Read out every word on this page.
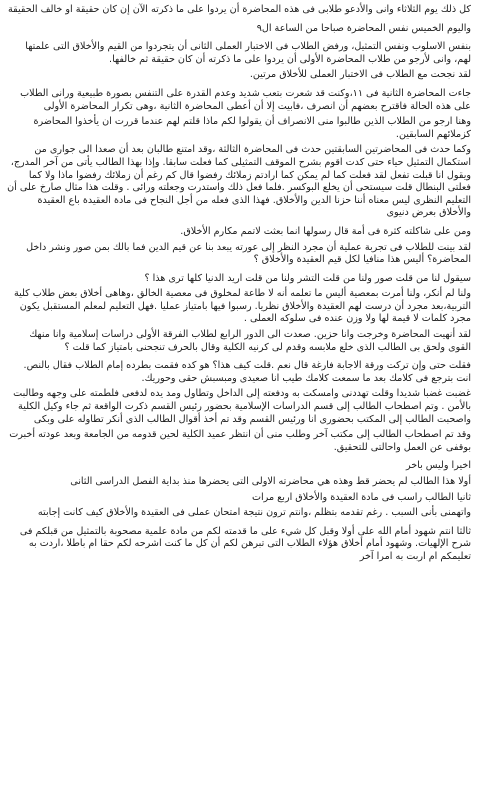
كل ذلك يوم الثلاثاء وانى والأدعو طلابى فى هذه المحاضرة أن يردوا على ما ذكرته الآن إن كان حقيقة او خالف الحقيقة

واليوم الخميس نفس المحاضرة صباحا من الساعة ال٩

بنفس الاسلوب ونفس التمثيل، ورفض الطلاب فى الاختبار العملى الثانى أن يتجردوا من القيم والأخلاق التى علمتها لهم، وانى لأرجو من طلاب المحاضرة الأولى أن يردوا على ما ذكرته أن كان حقيقة ثم خالفها.

لقد نجحت مع الطلاب فى الاختبار العملى للأخلاق مرتين.

جاءت المحاضرة الثانية فى ١١،وكنت قد شعرت بتعب شديد وعدم القدرة على التنفس بصورة طبيعية ورانى الطلاب على هذه الحالة فاقترح بعضهم أن انصرف ،فابيت إلا أن أعطى المحاضرة الثانية ،وهى تكرار المحاضرة الأولى

وهنا ارجو من الطلاب الذين طالبوا منى الانصراف أن يقولوا لكم ماذا قلتم لهم عندما قررت ان يأخذوا المحاضرة كزملائهم السابقين.

وكما حدث فى المحاضرتين السابقتين حدث فى المحاضرة الثالثة ،وقد امتنع طالبان بعد أن صعدا الى جوارى من استكمال التمثيل حياء حتى كدت اقوم بشرح الموقف التمثيلى كما فعلت سابقا. وإذا بهذا الطالب يأتى من آخر المدرج، ويقول انا قبلت تفعل لقد فعلت كما لم يمكن كما ارادتم زملائك رفضوا قال كم رغم أن زملائك رفضوا ماذا ولا كما فعلتى البنطال قلت سيستحى أن يخلع البوكسر .فلما فعل ذلك واستدرت وجعلته ورائى . وقلت هذا مثال صارخ على أن التعليم النظرى ليس معناه أننا حزنا الدين والأخلاق. فهذا الذى فعله من أجل النجاح فى مادة العقيدة باع العقيدة والأخلاق بعرض دنيوى

ومن على شاكلته كثرة فى أمة قال رسولها انما بعثت لاتمم مكارم الأخلاق.

لقد بينت للطلاب فى تجربة عملية أن مجرد النظر إلى عورته يبعد بنا عن قيم الدين فما بالك بمن صور ونشر داخل المحاضرة؟ أليس هذا منافيا لكل قيم العقيدة والأخلاق ؟

سيقول لنا من قلت صور ولنا من قلت التشر ولنا من قلت اريد الدنيا كلها ترى هذا ؟

ولنا لم أنكر، ولنا أمرت بمعصية أليس ما تعلمه أنه لا طاعة لمخلوق فى معصية الخالق ،وهاهى أخلاق بعض طلاب كلية التربية،بعد مجرد أن درست لهم العقيدة والأخلاق نظريا. رسبوا فيها بامتياز عمليا .فهل التعليم لمعلم المستقبل يكون مجرد كلمات لا قيمة لها ولا وزن عنده فى سلوكه العملى .

لقد أنهيت المحاضرة وخرجت وانا حزين. صعدت الى الدور الرابع لطلاب الفرقة الأولى دراسات إسلامية وانا منهك القوى ولحق بى الطالب الذى خلع ملابسه وقدم لى كرنيه الكلية وقال بالحرف تنجحنى بامتياز كما قلت ؟

فقلت حتى وإن تركت ورقة الاجابة فارغة قال نعم .قلت كيف هذا؟ هو كده فقمت بطرده إمام الطلاب فقال بالنص. انت بترجع فى كلامك بعد ما سمعت كلامك طيب انا صعيدى ومبسبش حقى وحوريك.

غضبت غضبا شديدا وقلت تهددنى وامسكت به ودفعته إلى الداخل وتطاول ومد يده لدفعى فلطمته على وجهه وطالبت بالأمن . وتم اصطحاب الطالب إلى قسم الدراسات الإسلامية بحضور رئيس القسم ذكرت الواقعة ثم جاء وكيل الكلية واصحبت الطالب إلى المكتب بحضورى انا ورئيس القسم وقد تم أخذ أقوال الطالب الذى أنكر تطاوله على وبكى

وقد تم اصطحاب الطالب إلى مكتب آخر وطلب منى أن انتظر عميد الكلية لحين قدومه من الجامعة وبعد عودته أخبرت بوقفى عن العمل واحالتى للتحقيق.

اخيرا وليس باخر

أولا هذا الطالب لم يحضر قط وهذه هي محاضرته الاولى التى يحضرها منذ بداية الفصل الدراسى الثانى

ثانيا الطالب راسب فى مادة العقيدة والأخلاق اربع مرات

واتهمنى بأنى السبب . رغم تقدمه بتظلم ،وانتم ترون نتيجة امتحان عملى فى العقيدة والأخلاق كيف كانت إجابته

ثالثا انتم شهود أمام الله على أولا وقبل كل شيء على ما قدمته لكم من مادة علمية مصحوبة بالتمثيل من قبلكم فى شرح الإلهيات. وشهود أمام أخلاق هؤلاء الطلاب التى تبرهن لكم أن كل ما كنت اشرحه لكم حقا ام باطلا ،اردت به تعليمكم ام اربت به امرا آخر
